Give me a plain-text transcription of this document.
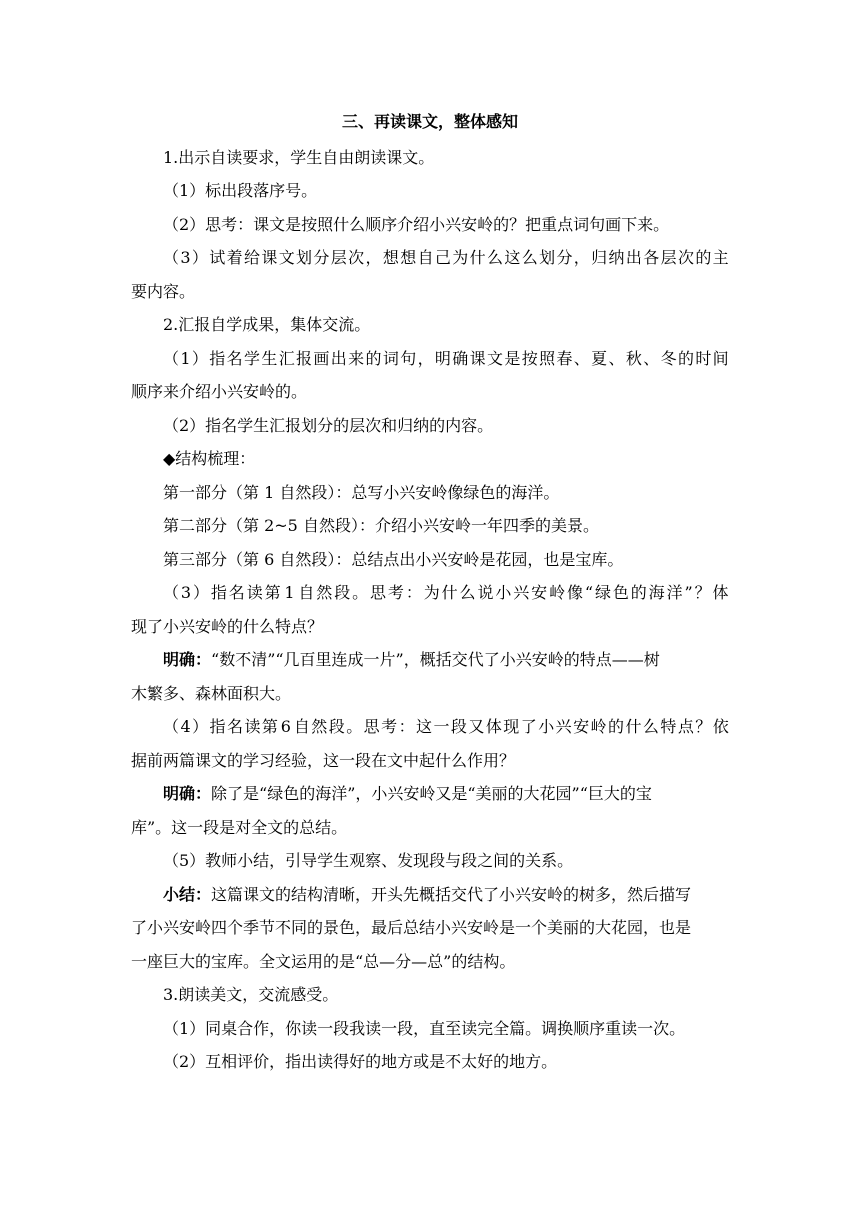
三、再读课文，整体感知
1.出示自读要求，学生自由朗读课文。
（1）标出段落序号。
（2）思考：课文是按照什么顺序介绍小兴安岭的？把重点词句画下来。
（ 3 ） 试 着 给 课 文 划 分 层 次 ， 想 想 自 己 为 什 么 这 么 划 分 ， 归 纳 出 各 层 次 的 主
要内容。
2.汇报自学成果，集体交流。
（ 1 ） 指 名 学 生 汇 报 画 出 来 的 词 句 ， 明 确 课 文 是 按 照 春 、 夏 、 秋 、 冬 的 时 间
顺序来介绍小兴安岭的。
（2）指名学生汇报划分的层次和归纳的内容。
◆结构梳理：
第一部分（第 1 自然段）：总写小兴安岭像绿色的海洋。
第二部分（第 2~5 自然段）：介绍小兴安岭一年四季的美景。
第三部分（第 6 自然段）：总结点出小兴安岭是花园，也是宝库。
（ 3 ） 指 名 读 第 1 自 然 段 。 思 考 ： 为 什 么 说 小 兴 安 岭 像 “ 绿 色 的 海 洋 ” ？ 体
现了小兴安岭的什么特点？
明确：“数不清”“几百里连成一片”，概括交代了小兴安岭的特点——树
木繁多、森林面积大。
（ 4 ） 指 名 读 第 6 自 然 段 。 思 考 ： 这 一 段 又 体 现 了 小 兴 安 岭 的 什 么 特 点 ？ 依
据前两篇课文的学习经验，这一段在文中起什么作用？
明确：除了是“绿色的海洋”，小兴安岭又是“美丽的大花园”“巨大的宝
库”。这一段是对全文的总结。
（5）教师小结，引导学生观察、发现段与段之间的关系。
小结：这篇课文的结构清晰，开头先概括交代了小兴安岭的树多，然后描写
了小兴安岭四个季节不同的景色，最后总结小兴安岭是一个美丽的大花园，也是
一座巨大的宝库。全文运用的是“总—分—总”的结构。
3.朗读美文，交流感受。
（1）同桌合作，你读一段我读一段，直至读完全篇。调换顺序重读一次。
（2）互相评价，指出读得好的地方或是不太好的地方。
